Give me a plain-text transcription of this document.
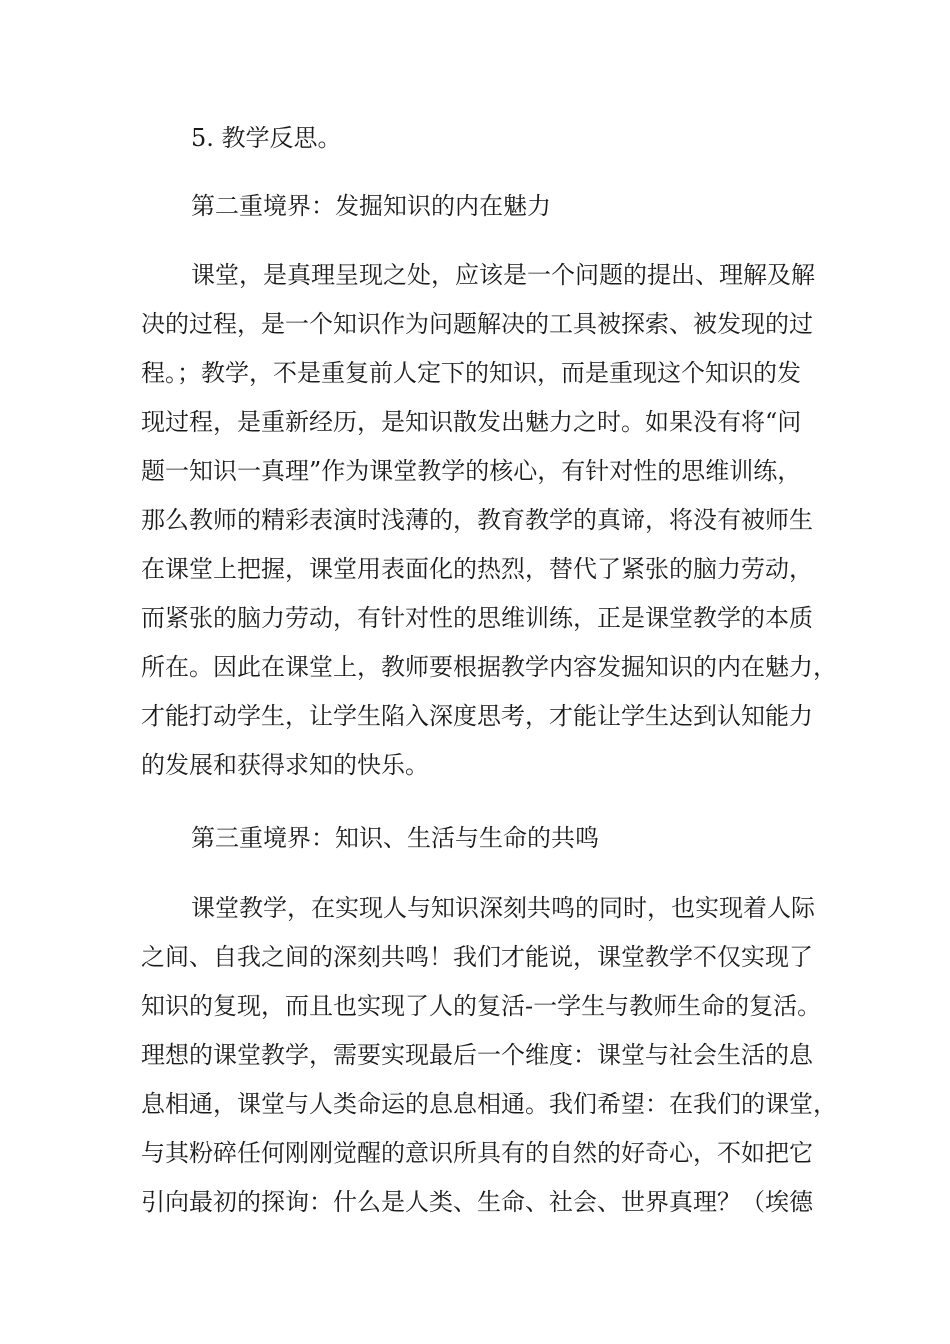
5. 教学反思。
第二重境界：发掘知识的内在魅力
课堂，是真理呈现之处，应该是一个问题的提出、理解及解
决的过程，是一个知识作为问题解决的工具被探索、被发现的过
程。；教学，不是重复前人定下的知识，而是重现这个知识的发
现过程，是重新经历，是知识散发出魅力之时。如果没有将“问
题一知识一真理”作为课堂教学的核心，有针对性的思维训练，
那么教师的精彩表演时浅薄的，教育教学的真谛，将没有被师生
在课堂上把握，课堂用表面化的热烈，替代了紧张的脑力劳动，
而紧张的脑力劳动，有针对性的思维训练，正是课堂教学的本质
所在。因此在课堂上，教师要根据教学内容发掘知识的内在魅力，
才能打动学生，让学生陷入深度思考，才能让学生达到认知能力
的发展和获得求知的快乐。
第三重境界：知识、生活与生命的共鸣
课堂教学，在实现人与知识深刻共鸣的同时，也实现着人际
之间、自我之间的深刻共鸣！我们才能说，课堂教学不仅实现了
知识的复现，而且也实现了人的复活-一学生与教师生命的复活。
理想的课堂教学，需要实现最后一个维度：课堂与社会生活的息
息相通，课堂与人类命运的息息相通。我们希望：在我们的课堂，
与其粉碎任何刚刚觉醒的意识所具有的自然的好奇心，不如把它
引向最初的探询：什么是人类、生命、社会、世界真理？（埃德
